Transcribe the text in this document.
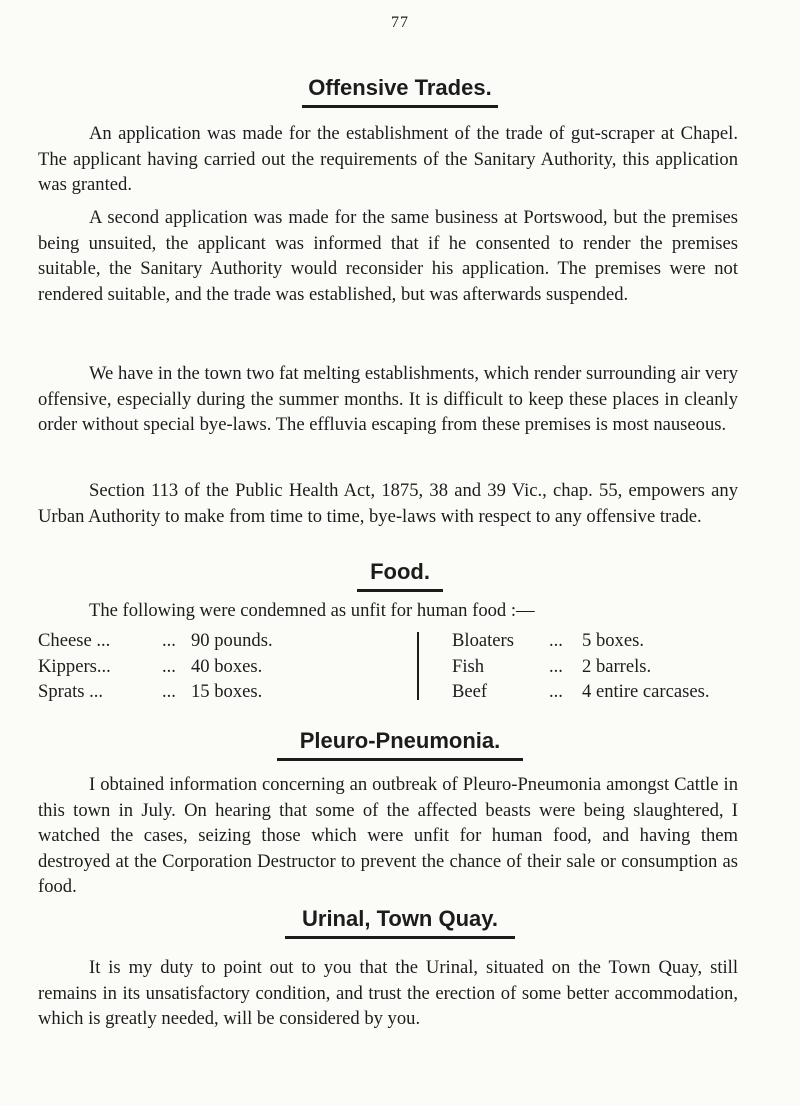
77
Offensive Trades.

An application was made for the establishment of the trade of gut-scraper at Chapel. The applicant having carried out the requirements of the Sanitary Authority, this application was granted.

A second application was made for the same business at Portswood, but the premises being unsuited, the applicant was informed that if he consented to render the premises suitable, the Sanitary Authority would reconsider his application. The premises were not rendered suitable, and the trade was established, but was afterwards suspended.

We have in the town two fat melting establishments, which render surrounding air very offensive, especially during the summer months. It is difficult to keep these places in cleanly order without special bye-laws. The effluvia escaping from these premises is most nauseous.

Section 113 of the Public Health Act, 1875, 38 and 39 Vic., chap. 55, empowers any Urban Authority to make from time to time, bye-laws with respect to any offensive trade.

Food.

The following were condemned as unfit for human food :—

Cheese ...	... 90 pounds.
Kippers...	... 40 boxes.
Sprats ...	... 15 boxes.
Bloaters ... 5 boxes.
Fish	... 2 barrels.
Beef	... 4 entire carcases.
Pleuro-Pneumonia.

I obtained information concerning an outbreak of Pleuro-Pneumonia amongst Cattle in this town in July. On hearing that some of the affected beasts were being slaughtered, I watched the cases, seizing those which were unfit for human food, and having them destroyed at the Corporation Destructor to prevent the chance of their sale or consumption as food.

Urinal, Town Quay.

It is my duty to point out to you that the Urinal, situated on the Town Quay, still remains in its unsatisfactory condition, and trust the erection of some better accommodation, which is greatly needed, will be considered by you.
